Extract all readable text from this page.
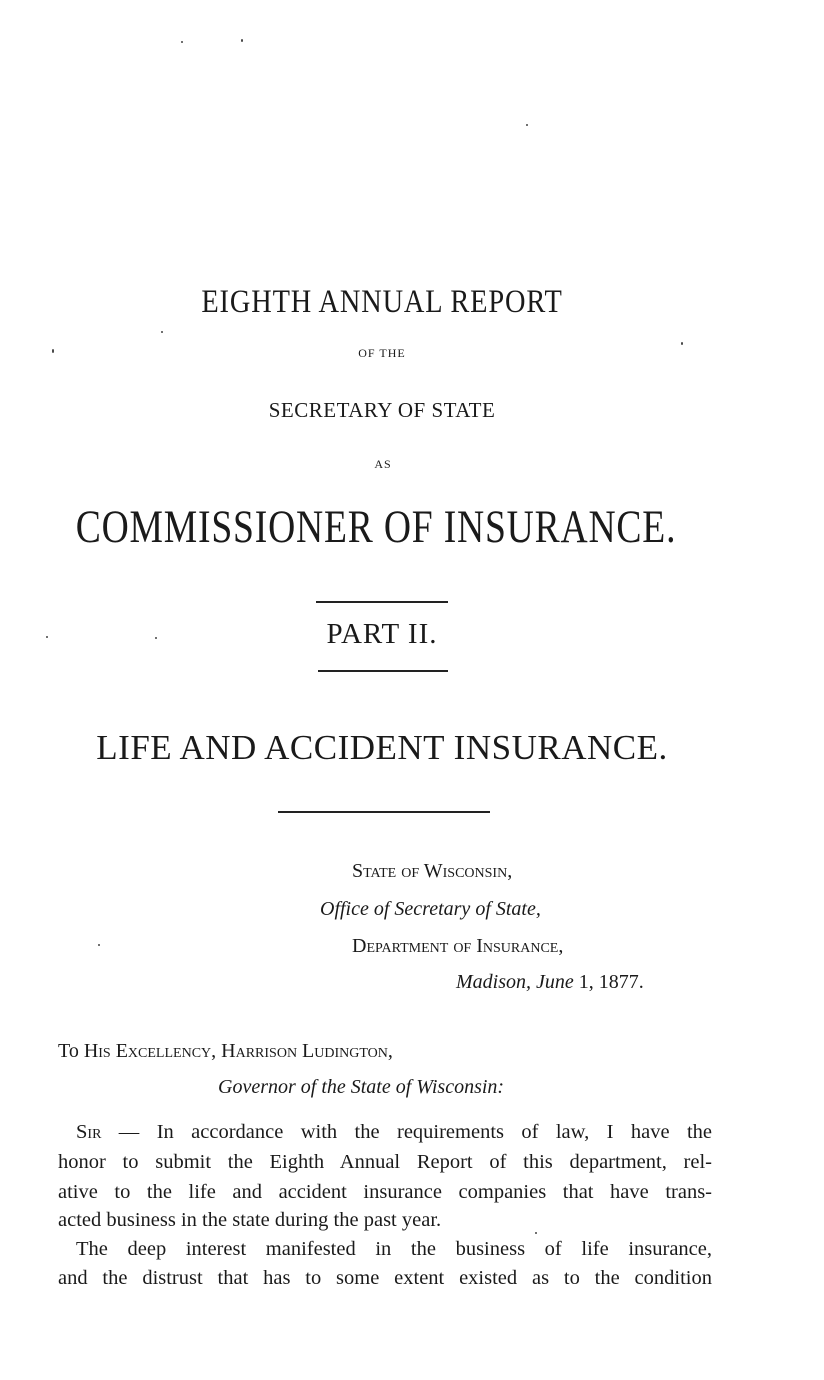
EIGHTH ANNUAL REPORT
OF THE
SECRETARY OF STATE
AS
COMMISSIONER OF INSURANCE.
PART II.
LIFE AND ACCIDENT INSURANCE.
State of Wisconsin,
Office of Secretary of State,
Department of Insurance,
Madison, June 1, 1877.
To His Excellency, Harrison Ludington,
Governor of the State of Wisconsin:
Sir — In accordance with the requirements of law, I have the
honor to submit the Eighth Annual Report of this department, rel-
ative to the life and accident insurance companies that have trans-
acted business in the state during the past year.
The deep interest manifested in the business of life insurance,
and the distrust that has to some extent existed as to the condition
